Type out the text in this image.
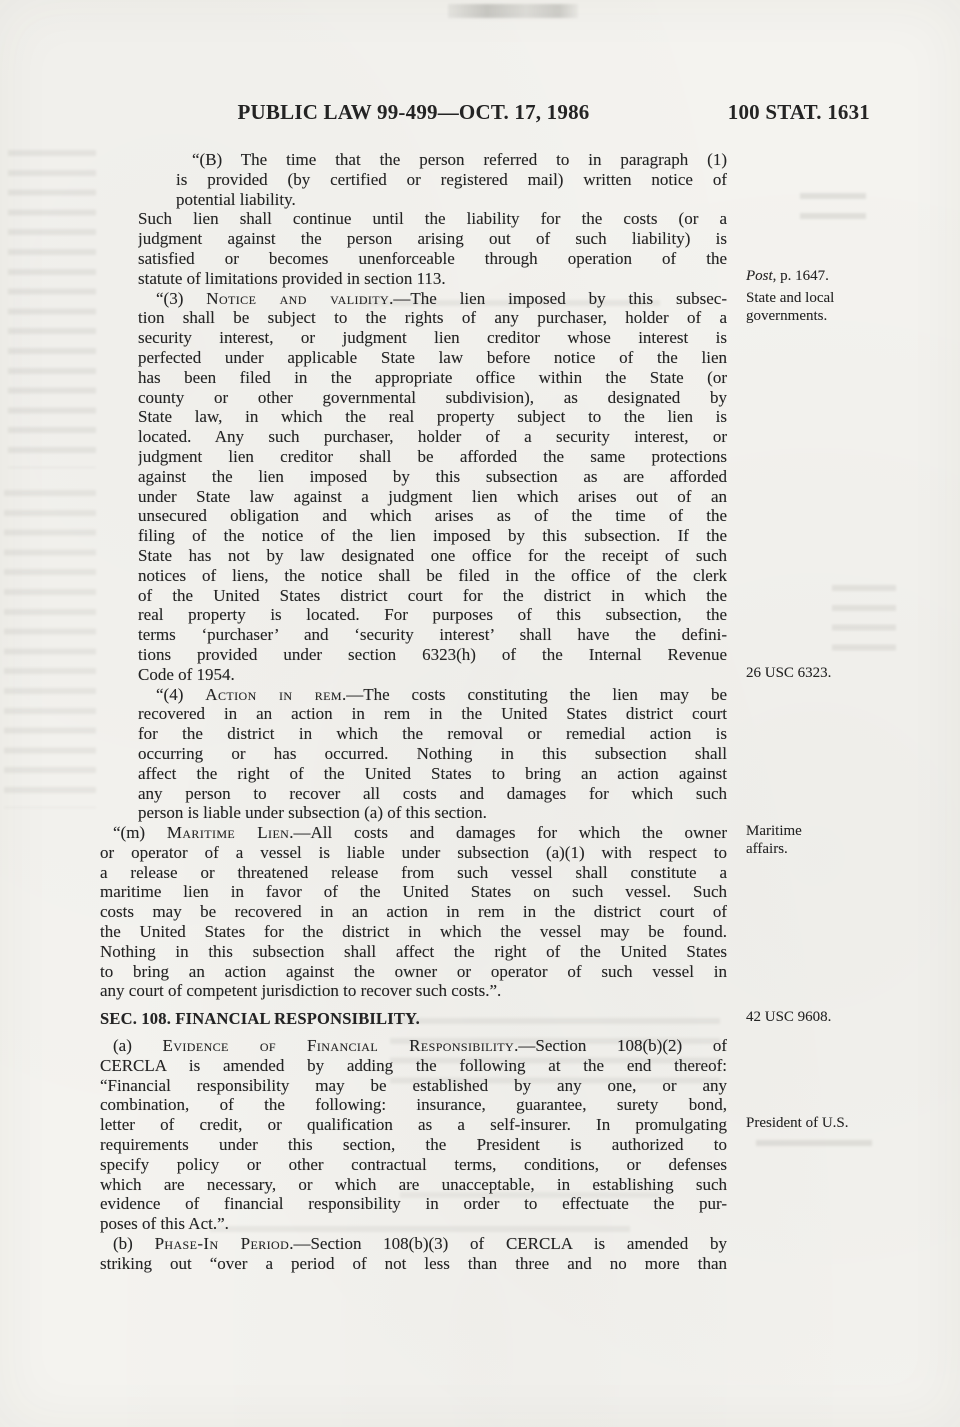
PUBLIC LAW 99-499—OCT. 17, 1986	100 STAT. 1631
“(B) The time that the person referred to in paragraph (1)
is provided (by certified or registered mail) written notice of
potential liability.
Such lien shall continue until the liability for the costs (or a
judgment against the person arising out of such liability) is
satisfied or becomes unenforceable through operation of the
statute of limitations provided in section 113.
“(3) Notice and validity.—The lien imposed by this subsec-
tion shall be subject to the rights of any purchaser, holder of a
security interest, or judgment lien creditor whose interest is
perfected under applicable State law before notice of the lien
has been filed in the appropriate office within the State (or
county or other governmental subdivision), as designated by
State law, in which the real property subject to the lien is
located. Any such purchaser, holder of a security interest, or
judgment lien creditor shall be afforded the same protections
against the lien imposed by this subsection as are afforded
under State law against a judgment lien which arises out of an
unsecured obligation and which arises as of the time of the
filing of the notice of the lien imposed by this subsection. If the
State has not by law designated one office for the receipt of such
notices of liens, the notice shall be filed in the office of the clerk
of the United States district court for the district in which the
real property is located. For purposes of this subsection, the
terms ‘purchaser’ and ‘security interest’ shall have the defini-
tions provided under section 6323(h) of the Internal Revenue
Code of 1954.
“(4) Action in rem.—The costs constituting the lien may be
recovered in an action in rem in the United States district court
for the district in which the removal or remedial action is
occurring or has occurred. Nothing in this subsection shall
affect the right of the United States to bring an action against
any person to recover all costs and damages for which such
person is liable under subsection (a) of this section.
“(m) Maritime Lien.—All costs and damages for which the owner
or operator of a vessel is liable under subsection (a)(1) with respect to
a release or threatened release from such vessel shall constitute a
maritime lien in favor of the United States on such vessel. Such
costs may be recovered in an action in rem in the district court of
the United States for the district in which the vessel may be found.
Nothing in this subsection shall affect the right of the United States
to bring an action against the owner or operator of such vessel in
any court of competent jurisdiction to recover such costs.”.
SEC. 108. FINANCIAL RESPONSIBILITY.
(a) Evidence of Financial Responsibility.—Section 108(b)(2) of
CERCLA is amended by adding the following at the end thereof:
“Financial responsibility may be established by any one, or any
combination, of the following: insurance, guarantee, surety bond,
letter of credit, or qualification as a self-insurer. In promulgating
requirements under this section, the President is authorized to
specify policy or other contractual terms, conditions, or defenses
which are necessary, or which are unacceptable, in establishing such
evidence of financial responsibility in order to effectuate the pur-
poses of this Act.”.
(b) Phase-In Period.—Section 108(b)(3) of CERCLA is amended by
striking out “over a period of not less than three and no more than
Post, p. 1647.
State and local
governments.
26 USC 6323.
Maritime
affairs.
42 USC 9608.
President of U.S.
